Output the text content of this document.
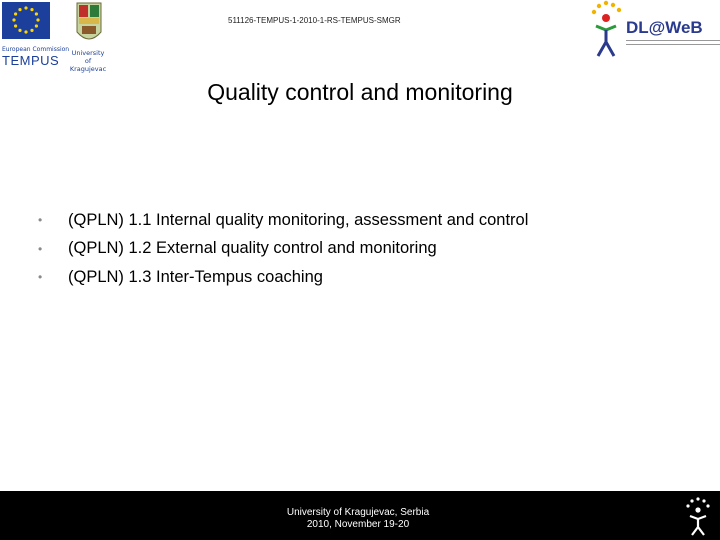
European Commission
TEMPUS	University
of Kragujevac
511126-TEMPUS-1-2010-1-RS-TEMPUS-SMGR	DL@WeB
Quality control and monitoring
•	(QPLN) 1.1 Internal quality monitoring, assessment and control
•	(QPLN) 1.2 External quality control and monitoring
•	(QPLN) 1.3 Inter-Tempus coaching
University of Kragujevac, Serbia
2010, November 19-20
